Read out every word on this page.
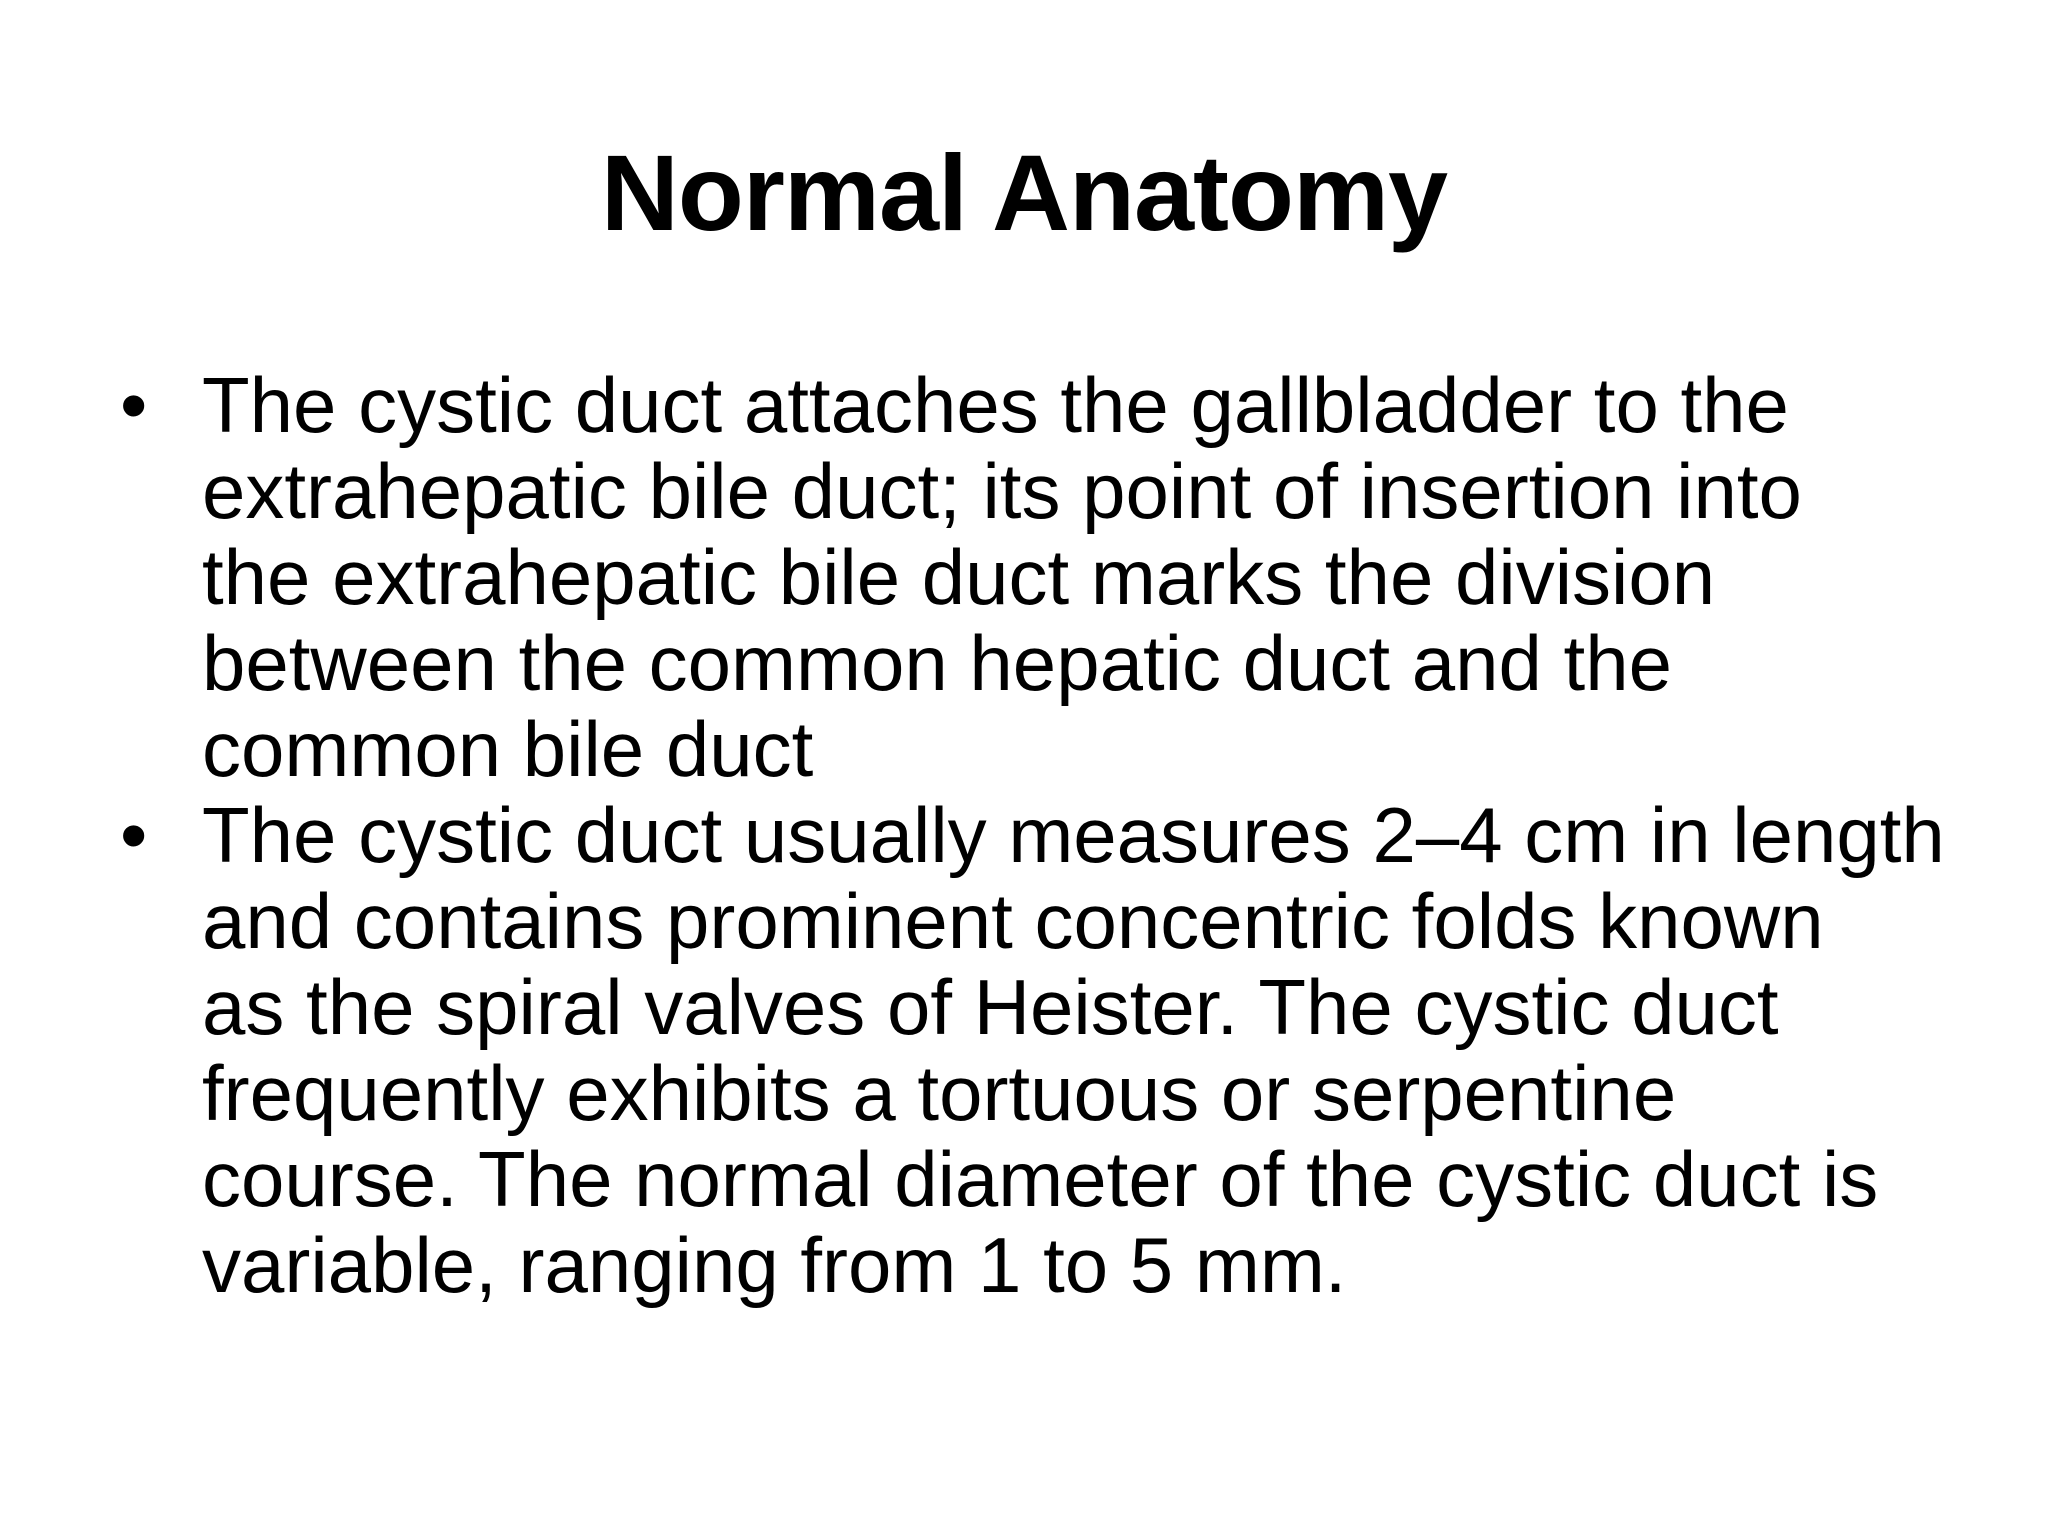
Normal Anatomy
• The cystic duct attaches the gallbladder to the
extrahepatic bile duct; its point of insertion into
the extrahepatic bile duct marks the division
between the common hepatic duct and the
common bile duct
• The cystic duct usually measures 2–4 cm in length
and contains prominent concentric folds known
as the spiral valves of Heister. The cystic duct
frequently exhibits a tortuous or serpentine
course. The normal diameter of the cystic duct is
variable, ranging from 1 to 5 mm.
